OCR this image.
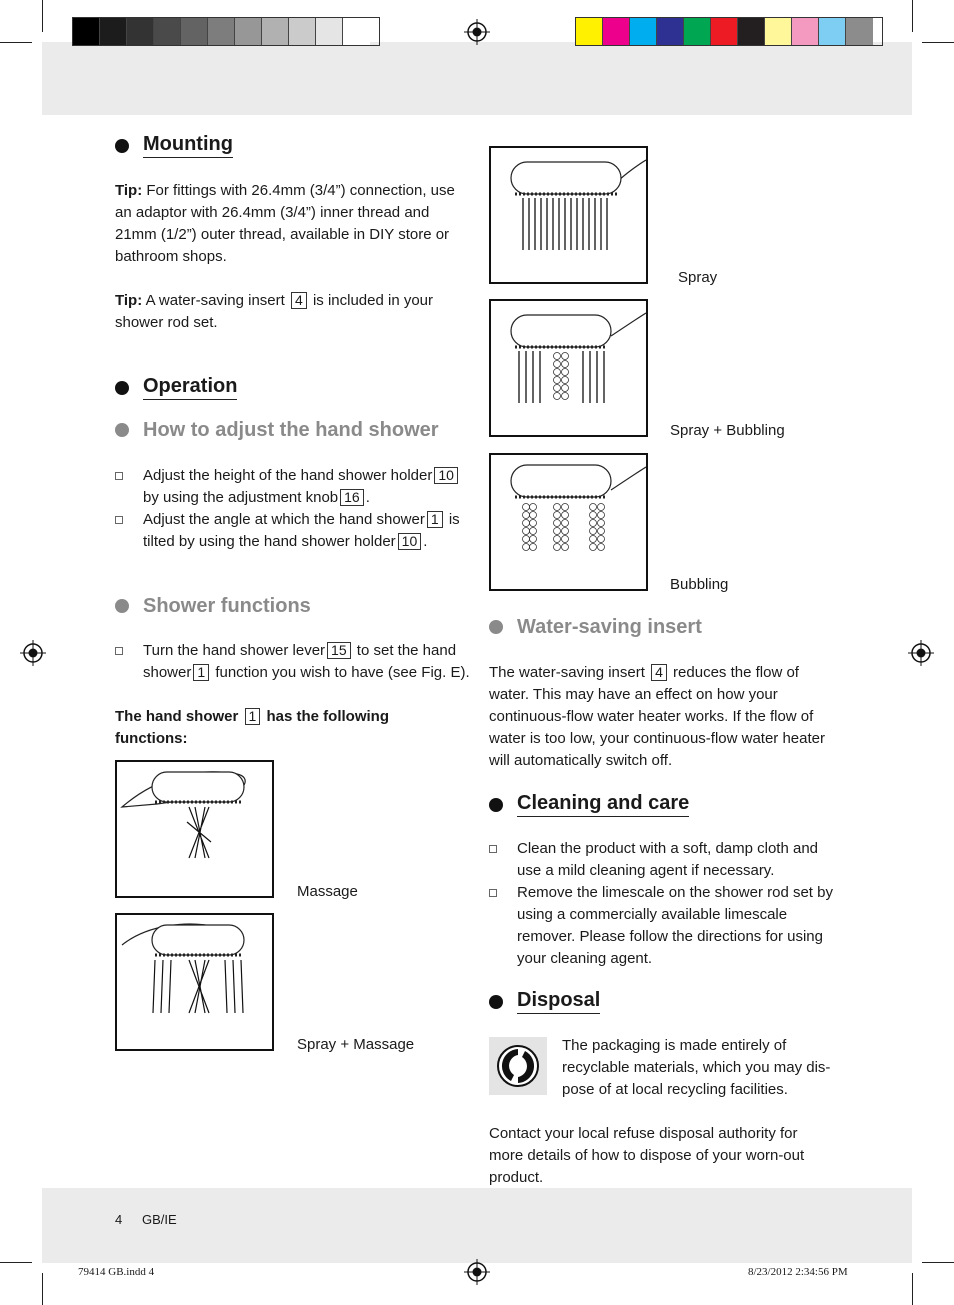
Mounting
Tip: For fittings with 26.4mm (3/4”) connection, use an adaptor with 26.4mm (3/4”) inner thread and 21mm (1/2”) outer thread, available in DIY store or bathroom shops.
Tip: A water-saving insert 4 is included in your shower rod set.
Operation
How to adjust the hand shower
Adjust the height of the hand shower holder 10 by using the adjustment knob 16 .
Adjust the angle at which the hand shower 1 is tilted by using the hand shower holder 10 .
Shower functions
Turn the hand shower lever 15 to set the hand shower 1 function you wish to have (see Fig. E).
The hand shower 1 has the following functions:
Massage
Spray + Massage
Spray
Spray + Bubbling
Bubbling
Water-saving insert
The water-saving insert 4 reduces the flow of water. This may have an effect on how your continuous-flow water heater works. If the flow of water is too low, your continuous-flow water heater will automatically switch off.
Cleaning and care
Clean the product with a soft, damp cloth and use a mild cleaning agent if necessary.
Remove the limescale on the shower rod set by using a commercially available limescale remover. Please follow the directions for using your cleaning agent.
Disposal
The packaging is made entirely of recyclable materials, which you may dis-pose of at local recycling facilities.
Contact your local refuse disposal authority for more details of how to dispose of your worn-out product.
4 GB/IE
79414 GB.indd 4	8/23/2012 2:34:56 PM
